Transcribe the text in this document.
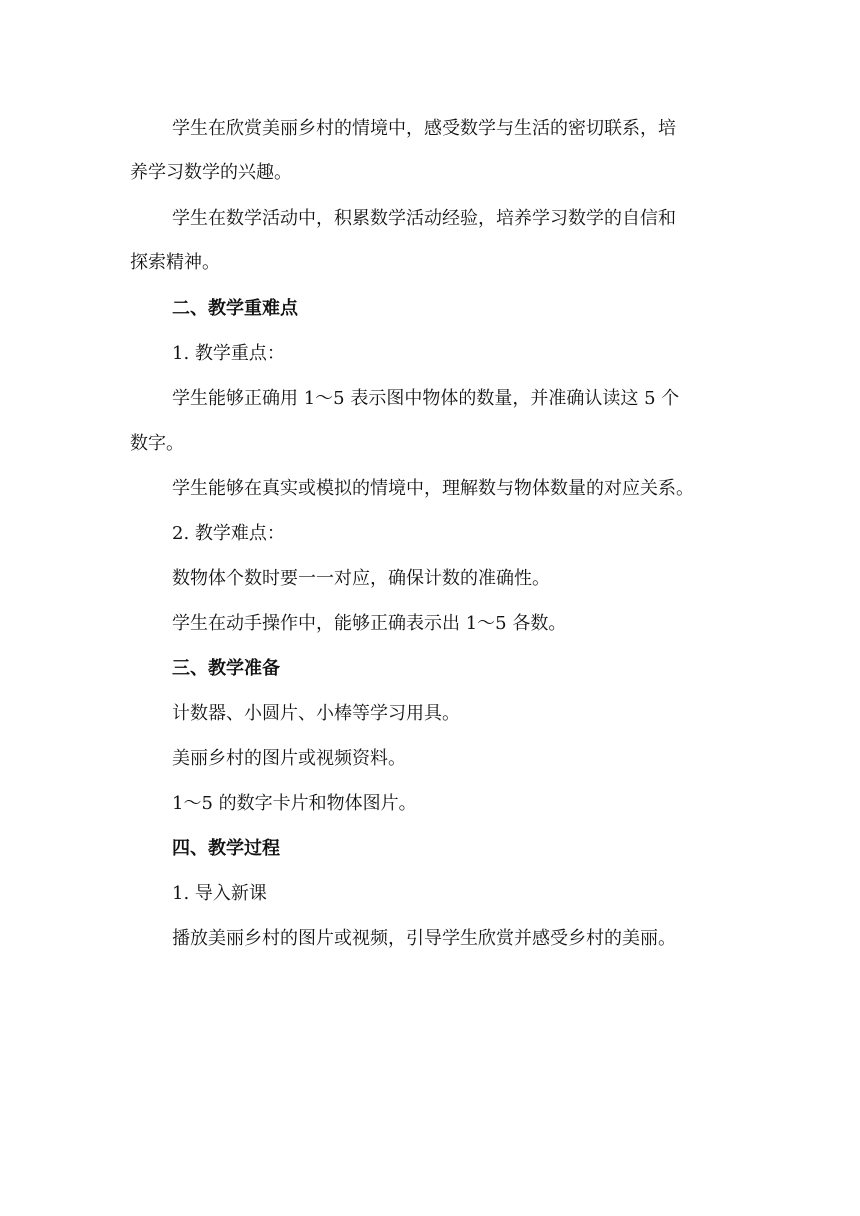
学生在欣赏美丽乡村的情境中，感受数学与生活的密切联系，培
养学习数学的兴趣。
学生在数学活动中，积累数学活动经验，培养学习数学的自信和
探索精神。
二、教学重难点
1. 教学重点：
学生能够正确用 1～5 表示图中物体的数量，并准确认读这 5 个
数字。
学生能够在真实或模拟的情境中，理解数与物体数量的对应关系。
2. 教学难点：
数物体个数时要一一对应，确保计数的准确性。
学生在动手操作中，能够正确表示出 1～5 各数。
三、教学准备
计数器、小圆片、小棒等学习用具。
美丽乡村的图片或视频资料。
1～5 的数字卡片和物体图片。
四、教学过程
1. 导入新课
播放美丽乡村的图片或视频，引导学生欣赏并感受乡村的美丽。
